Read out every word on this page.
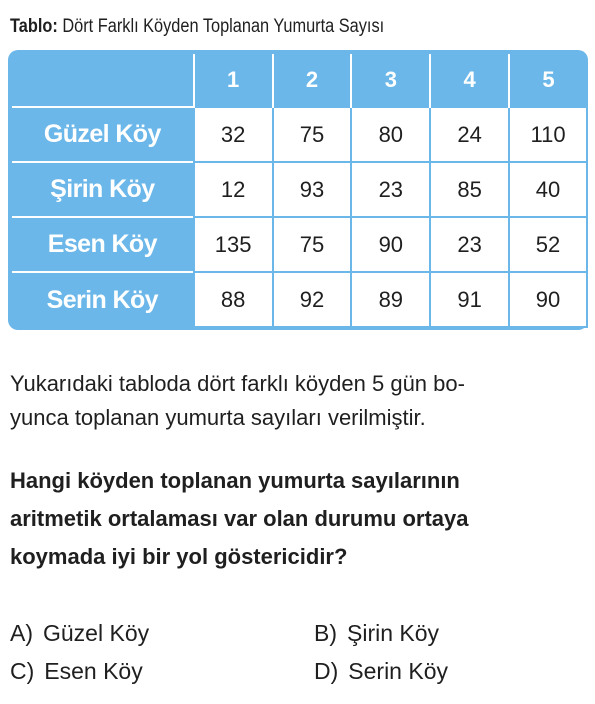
Tablo: Dört Farklı Köyden Toplanan Yumurta Sayısı
	1	2	3	4	5
Güzel Köy	32	75	80	24	110
Şirin Köy	12	93	23	85	40
Esen Köy	135	75	90	23	52
Serin Köy	88	92	89	91	90
Yukarıdaki tabloda dört farklı köyden 5 gün bo-
yunca toplanan yumurta sayıları verilmiştir.
Hangi köyden toplanan yumurta sayılarının
aritmetik ortalaması var olan durumu ortaya
koymada iyi bir yol göstericidir?
A) Güzel Köy	B) Şirin Köy
C) Esen Köy	D) Serin Köy
